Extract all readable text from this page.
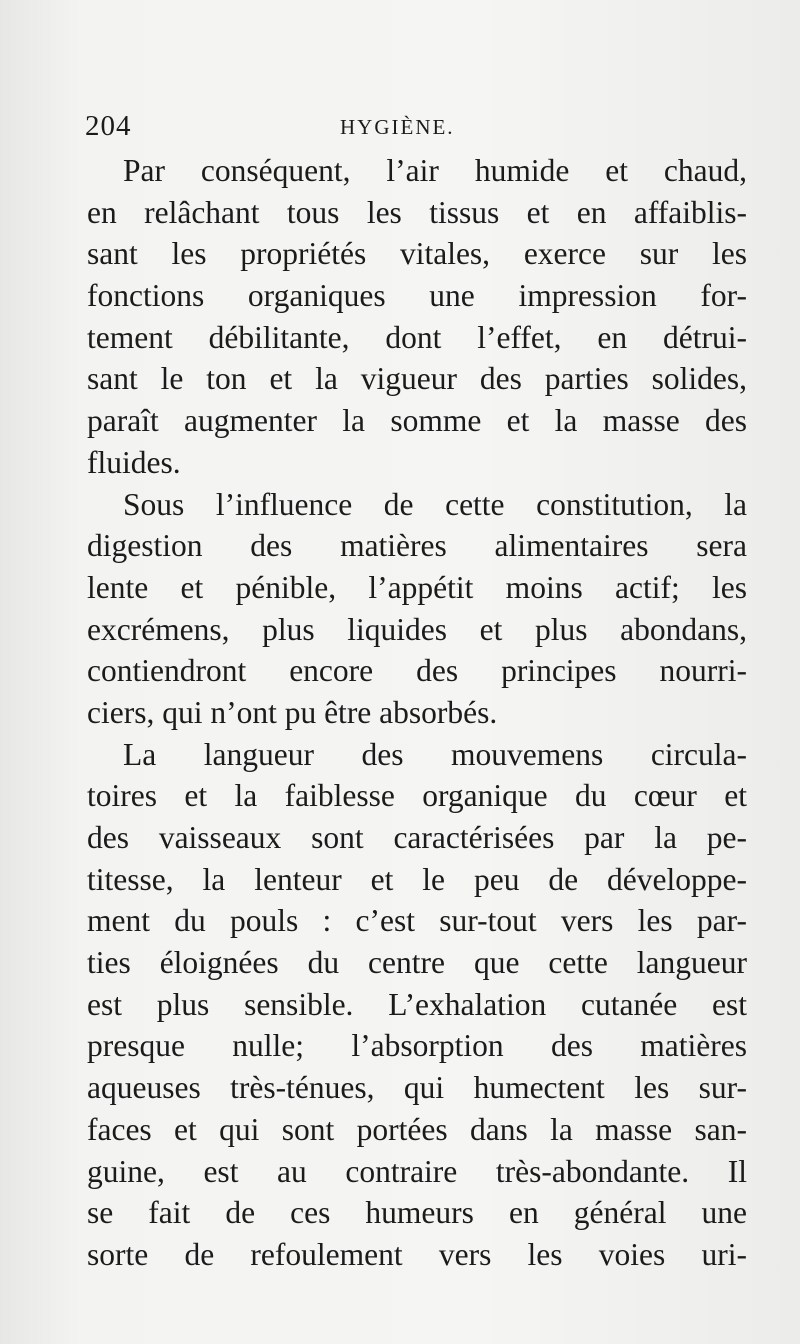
204	HYGIÈNE.
Par conséquent, l’air humide et chaud,
en relâchant tous les tissus et en affaiblis-
sant les propriétés vitales, exerce sur les
fonctions organiques une impression for-
tement débilitante, dont l’effet, en détrui-
sant le ton et la vigueur des parties solides,
paraît augmenter la somme et la masse des
fluides.
Sous l’influence de cette constitution, la
digestion des matières alimentaires sera
lente et pénible, l’appétit moins actif; les
excrémens, plus liquides et plus abondans,
contiendront encore des principes nourri-
ciers, qui n’ont pu être absorbés.
La langueur des mouvemens circula-
toires et la faiblesse organique du cœur et
des vaisseaux sont caractérisées par la pe-
titesse, la lenteur et le peu de développe-
ment du pouls : c’est sur-tout vers les par-
ties éloignées du centre que cette langueur
est plus sensible. L’exhalation cutanée est
presque nulle; l’absorption des matières
aqueuses très-ténues, qui humectent les sur-
faces et qui sont portées dans la masse san-
guine, est au contraire très-abondante. Il
se fait de ces humeurs en général une
sorte de refoulement vers les voies uri-
